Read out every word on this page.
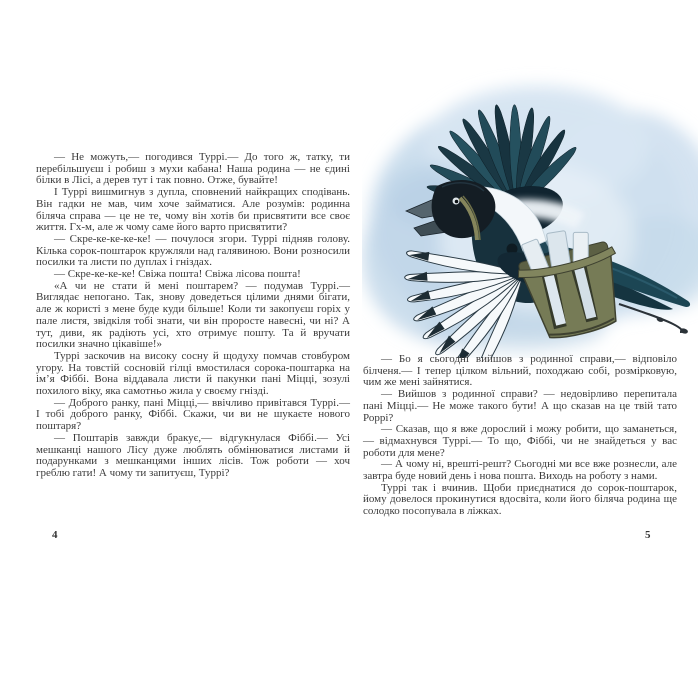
— Не можуть,— погодився Туррі.— До того ж, татку, ти перебільшуєш і робиш з мухи кабана! Наша родина — не єдині білки в Лісі, а дерев тут і так повно. Отже, бувайте!

І Туррі вишмигнув з дупла, сповнений найкращих сподівань. Він гадки не мав, чим хоче займатися. Але розумів: родинна біляча справа — це не те, чому він хотів би присвятити все своє життя. Гх-м, але ж чому саме його варто присвятити?

— Скре-ке-ке-ке-ке! — почулося згори. Туррі підняв голову. Кілька сорок-поштарок кружляли над галявиною. Вони розносили посилки та листи по дуплах і гніздах.

— Скре-ке-ке-ке! Свіжа пошта! Свіжа лісова пошта!

«А чи не стати й мені поштарем? — подумав Туррі.— Виглядає непогано. Так, знову доведеться цілими днями бігати, але ж користі з мене буде куди більше! Коли ти закопуєш горіх у пале листя, звідкіля тобі знати, чи він проросте навесні, чи ні? А тут, диви, як радіють усі, хто отримує пошту. Та й вручати посилки значно цікавіше!»

Туррі заскочив на високу сосну й щодуху помчав стовбуром угору. На товстій сосновій гілці вмостилася сорока-поштарка на ім’я Фіббі. Вона віддавала листи й пакунки пані Міцці, зозулі похилого віку, яка самотньо жила у своєму гнізді.

— Доброго ранку, пані Міцці,— ввічливо привітався Туррі.— І тобі доброго ранку, Фіббі. Скажи, чи ви не шукаєте нового поштаря?

— Поштарів завжди бракує,— відгукнулася Фіббі.— Усі мешканці нашого Лісу дуже люблять обмінюватися листами й подарунками з мешканцями інших лісів. Тож роботи — хоч греблю гати! А чому ти запитуєш, Туррі?

4

— Бо я сьогодні вийшов з родинної справи,— відповіло білченя.— І тепер цілком вільний, походжаю собі, розмірковую, чим же мені зайнятися.

— Вийшов з родинної справи? — недовірливо перепитала пані Міцці.— Не може такого бути! А що сказав на це твій тато Роррі?

— Сказав, що я вже дорослий і можу робити, що заманеться,— відмахнувся Туррі.— То що, Фіббі, чи не знайдеться у вас роботи для мене?

— А чому ні, врешті-решт? Сьогодні ми все вже рознесли, але завтра буде новий день і нова пошта. Виходь на роботу з нами.

Туррі так і вчинив. Щоби приєднатися до сорок-поштарок, йому довелося прокинутися вдосвіта, коли його біляча родина ще солодко посопувала в ліжках.

5
